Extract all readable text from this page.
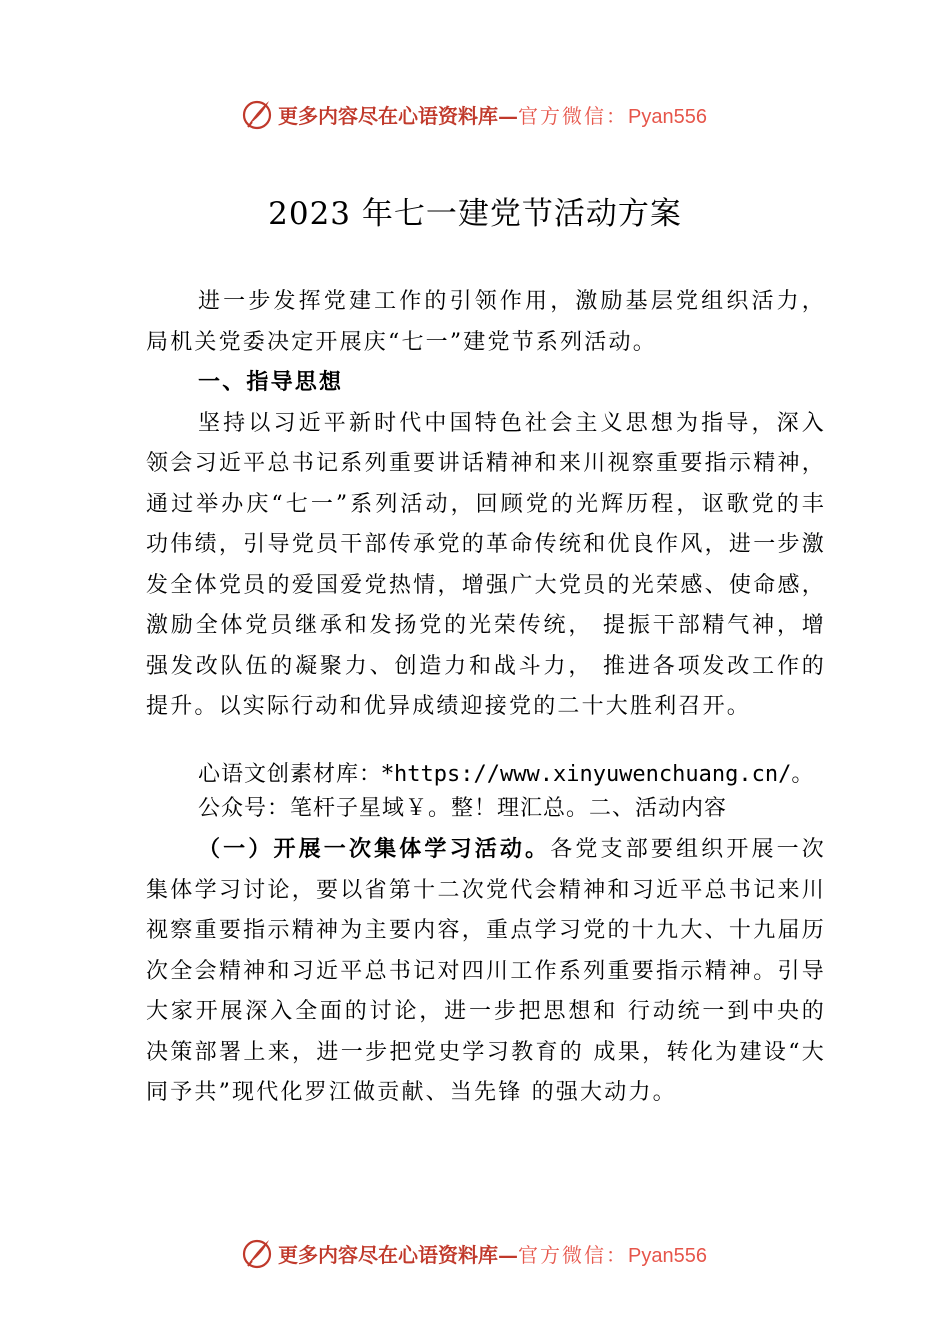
更多内容尽在心语资料库—官方微信：Pyan556
2023 年七一建党节活动方案

进一步发挥党建工作的引领作用，激励基层党组织活力，局机关党委决定开展庆“七一”建党节系列活动。

一、指导思想

坚持以习近平新时代中国特色社会主义思想为指导，深入领会习近平总书记系列重要讲话精神和来川视察重要指示精神，通过举办庆“七一”系列活动，回顾党的光辉历程，讴歌党的丰功伟绩，引导党员干部传承党的革命传统和优良作风，进一步激发全体党员的爱国爱党热情，增强广大党员的光荣感、使命感，激励全体党员继承和发扬党的光荣传统， 提振干部精气神，增强发改队伍的凝聚力、创造力和战斗力， 推进各项发改工作的提升。以实际行动和优异成绩迎接党的二十大胜利召开。

心语文创素材库：*https://www.xinyuwenchuang.cn/。

公众号：笔杆子星域￥。整！理汇总。二、活动内容

（一）开展一次集体学习活动。各党支部要组织开展一次集体学习讨论，要以省第十二次党代会精神和习近平总书记来川视察重要指示精神为主要内容，重点学习党的十九大、十九届历次全会精神和习近平总书记对四川工作系列重要指示精神。引导大家开展深入全面的讨论，进一步把思想和 行动统一到中央的决策部署上来，进一步把党史学习教育的 成果，转化为建设“大同予共”现代化罗江做贡献、当先锋 的强大动力。

更多内容尽在心语资料库—官方微信：Pyan556
